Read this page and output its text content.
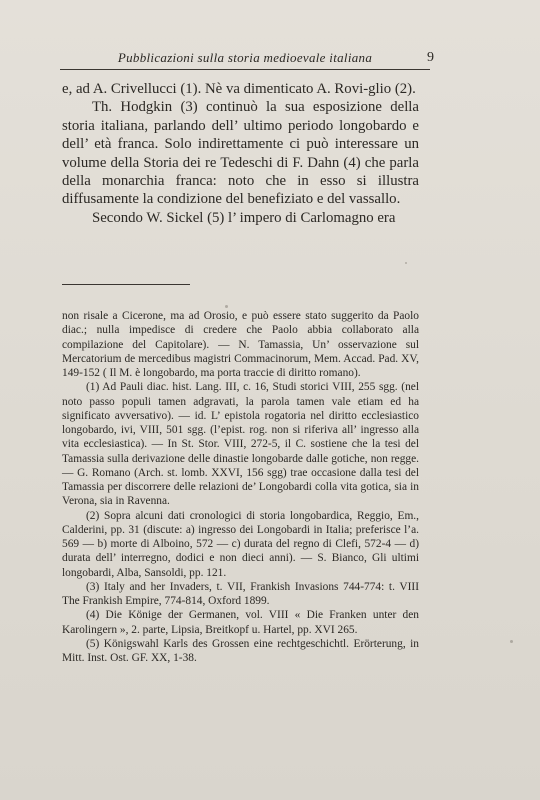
Pubblicazioni sulla storia medioevale italiana	9

e, ad A. Crivellucci (1). Nè va dimenticato A. Rovi-glio (2).

Th. Hodgkin (3) continuò la sua esposizione della storia italiana, parlando dell’ ultimo periodo longobardo e dell’ età franca. Solo indirettamente ci può interessare un volume della Storia dei re Tedeschi di F. Dahn (4) che parla della monarchia franca: noto che in esso si illustra diffusamente la condizione del benefiziato e del vassallo.

Secondo W. Sickel (5) l’ impero di Carlomagno era

non risale a Cicerone, ma ad Orosio, e può essere stato suggerito da Paolo diac.; nulla impedisce di credere che Paolo abbia collaborato alla compilazione del Capitolare). — N. Tamassia, Un’ osservazione sul Mercatorium de mercedibus magistri Commacinorum, Mem. Accad. Pad. XV, 149-152 ( Il M. è longobardo, ma porta traccie di diritto romano).

(1) Ad Pauli diac. hist. Lang. III, c. 16, Studi storici VIII, 255 sgg. (nel noto passo populi tamen adgravati, la parola tamen vale etiam ed ha significato avversativo). — id. L’ epistola rogatoria nel diritto ecclesiastico longobardo, ivi, VIII, 501 sgg. (l’epist. rog. non si riferiva all’ ingresso alla vita ecclesiastica). — In St. Stor. VIII, 272-5, il C. sostiene che la tesi del Tamassia sulla derivazione delle dinastie longobarde dalle gotiche, non regge. — G. Romano (Arch. st. lomb. XXVI, 156 sgg) trae occasione dalla tesi del Tamassia per discorrere delle relazioni de’ Longobardi colla vita gotica, sia in Verona, sia in Ravenna.

(2) Sopra alcuni dati cronologici di storia longobardica, Reggio, Em., Calderini, pp. 31 (discute: a) ingresso dei Longobardi in Italia; preferisce l’a. 569 — b) morte di Alboino, 572 — c) durata del regno di Clefi, 572-4 — d) durata dell’ interregno, dodici e non dieci anni). — S. Bianco, Gli ultimi longobardi, Alba, Sansoldi, pp. 121.

(3) Italy and her Invaders, t. VII, Frankish Invasions 744-774: t. VIII The Frankish Empire, 774-814, Oxford 1899.

(4) Die Könige der Germanen, vol. VIII « Die Franken unter den Karolingern », 2. parte, Lipsia, Breitkopf u. Hartel, pp. XVI 265.

(5) Königswahl Karls des Grossen eine rechtgeschichtl. Erörterung, in Mitt. Inst. Ost. GF. XX, 1-38.
